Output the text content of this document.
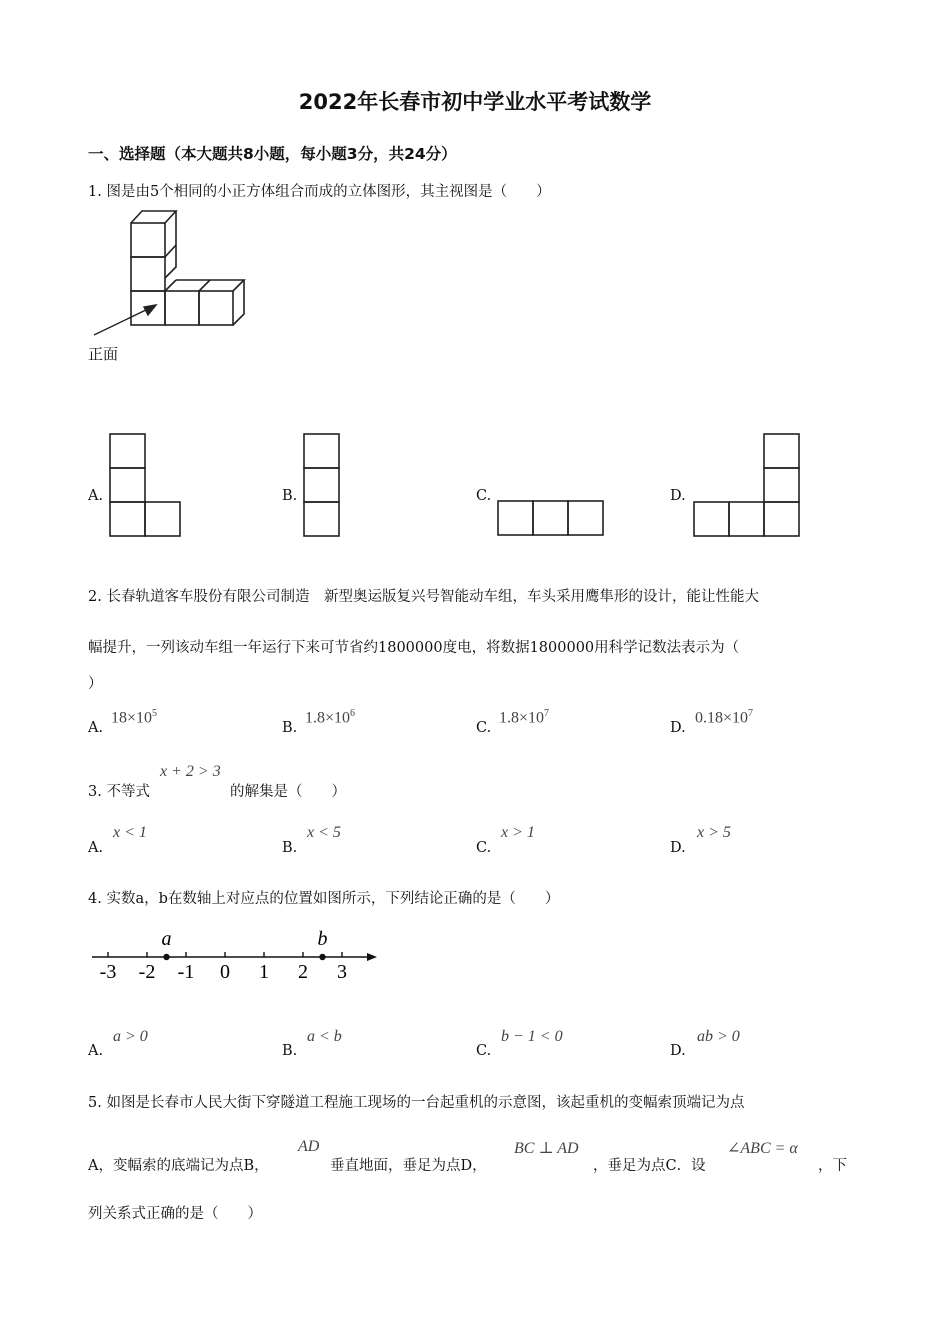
2022年长春市初中学业水平考试数学
一、选择题（本大题共8小题，每小题3分，共24分）
1. 图是由5个相同的小正方体组合而成的立体图形，其主视图是（　　）
正面
A.	B.	C.	D.
2. 长春轨道客车股份有限公司制造　新型奥运版复兴号智能动车组，车头采用鹰隼形的设计，能让性能大
幅提升，一列该动车组一年运行下来可节省约1800000度电，将数据1800000用科学记数法表示为（
）
A.
$18\times 10^5$
B.
$1.8\times 10^6$
C.
$1.8\times 10^7$
D.
$0.18\times 10^7$
3. 不等式
x + 2 > 3
的解集是（　　）
A.
x < 1
B.
x < 5
C.
x > 1
D.
x > 5
4. 实数a，b在数轴上对应点的位置如图所示，下列结论正确的是（　　）
-3 -2 -1 0 1 2 3
a	b
A.
a > 0
B.
a < b
C.
b − 1 < 0
D.
ab > 0
5. 如图是长春市人民大街下穿隧道工程施工现场的一台起重机的示意图，该起重机的变幅索顶端记为点
A，变幅索的底端记为点B，
AD
垂直地面，垂足为点D，
BC ⊥ AD
，垂足为点C．设
∠ABC = α
，下
列关系式正确的是（　　）
